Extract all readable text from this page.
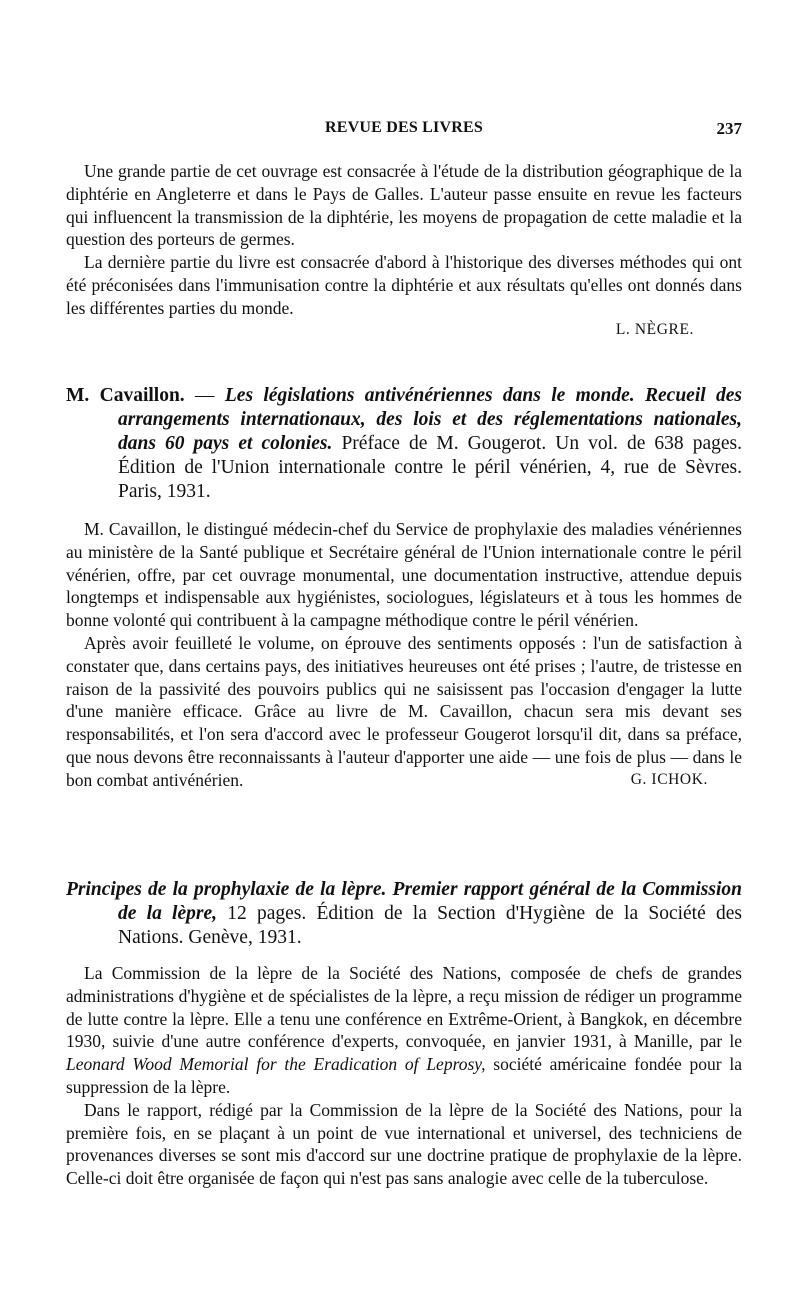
REVUE DES LIVRES	237

Une grande partie de cet ouvrage est consacrée à l'étude de la distribution géographique de la diphtérie en Angleterre et dans le Pays de Galles. L'auteur passe ensuite en revue les facteurs qui influencent la transmission de la diphtérie, les moyens de propagation de cette maladie et la question des porteurs de germes.

La dernière partie du livre est consacrée d'abord à l'historique des diverses méthodes qui ont été préconisées dans l'immunisation contre la diphtérie et aux résultats qu'elles ont donnés dans les différentes parties du monde.

L. NÈGRE.

M. Cavaillon. — Les législations antivénériennes dans le monde. Recueil des arrangements internationaux, des lois et des réglementations nationales, dans 60 pays et colonies. Préface de M. Gougerot. Un vol. de 638 pages. Édition de l'Union internationale contre le péril vénérien, 4, rue de Sèvres. Paris, 1931.

M. Cavaillon, le distingué médecin-chef du Service de prophylaxie des maladies vénériennes au ministère de la Santé publique et Secrétaire général de l'Union internationale contre le péril vénérien, offre, par cet ouvrage monumental, une documentation instructive, attendue depuis longtemps et indispensable aux hygiénistes, sociologues, législateurs et à tous les hommes de bonne volonté qui contribuent à la campagne méthodique contre le péril vénérien.

Après avoir feuilleté le volume, on éprouve des sentiments opposés : l'un de satisfaction à constater que, dans certains pays, des initiatives heureuses ont été prises ; l'autre, de tristesse en raison de la passivité des pouvoirs publics qui ne saisissent pas l'occasion d'engager la lutte d'une manière efficace. Grâce au livre de M. Cavaillon, chacun sera mis devant ses responsabilités, et l'on sera d'accord avec le professeur Gougerot lorsqu'il dit, dans sa préface, que nous devons être reconnaissants à l'auteur d'apporter une aide — une fois de plus — dans le bon combat antivénérien.	G. ICHOK.

Principes de la prophylaxie de la lèpre. Premier rapport général de la Commission de la lèpre, 12 pages. Édition de la Section d'Hygiène de la Société des Nations. Genève, 1931.

La Commission de la lèpre de la Société des Nations, composée de chefs de grandes administrations d'hygiène et de spécialistes de la lèpre, a reçu mission de rédiger un programme de lutte contre la lèpre. Elle a tenu une conférence en Extrême-Orient, à Bangkok, en décembre 1930, suivie d'une autre conférence d'experts, convoquée, en janvier 1931, à Manille, par le Leonard Wood Memorial for the Eradication of Leprosy, société américaine fondée pour la suppression de la lèpre.

Dans le rapport, rédigé par la Commission de la lèpre de la Société des Nations, pour la première fois, en se plaçant à un point de vue international et universel, des techniciens de provenances diverses se sont mis d'accord sur une doctrine pratique de prophylaxie de la lèpre. Celle-ci doit être organisée de façon qui n'est pas sans analogie avec celle de la tuberculose.
